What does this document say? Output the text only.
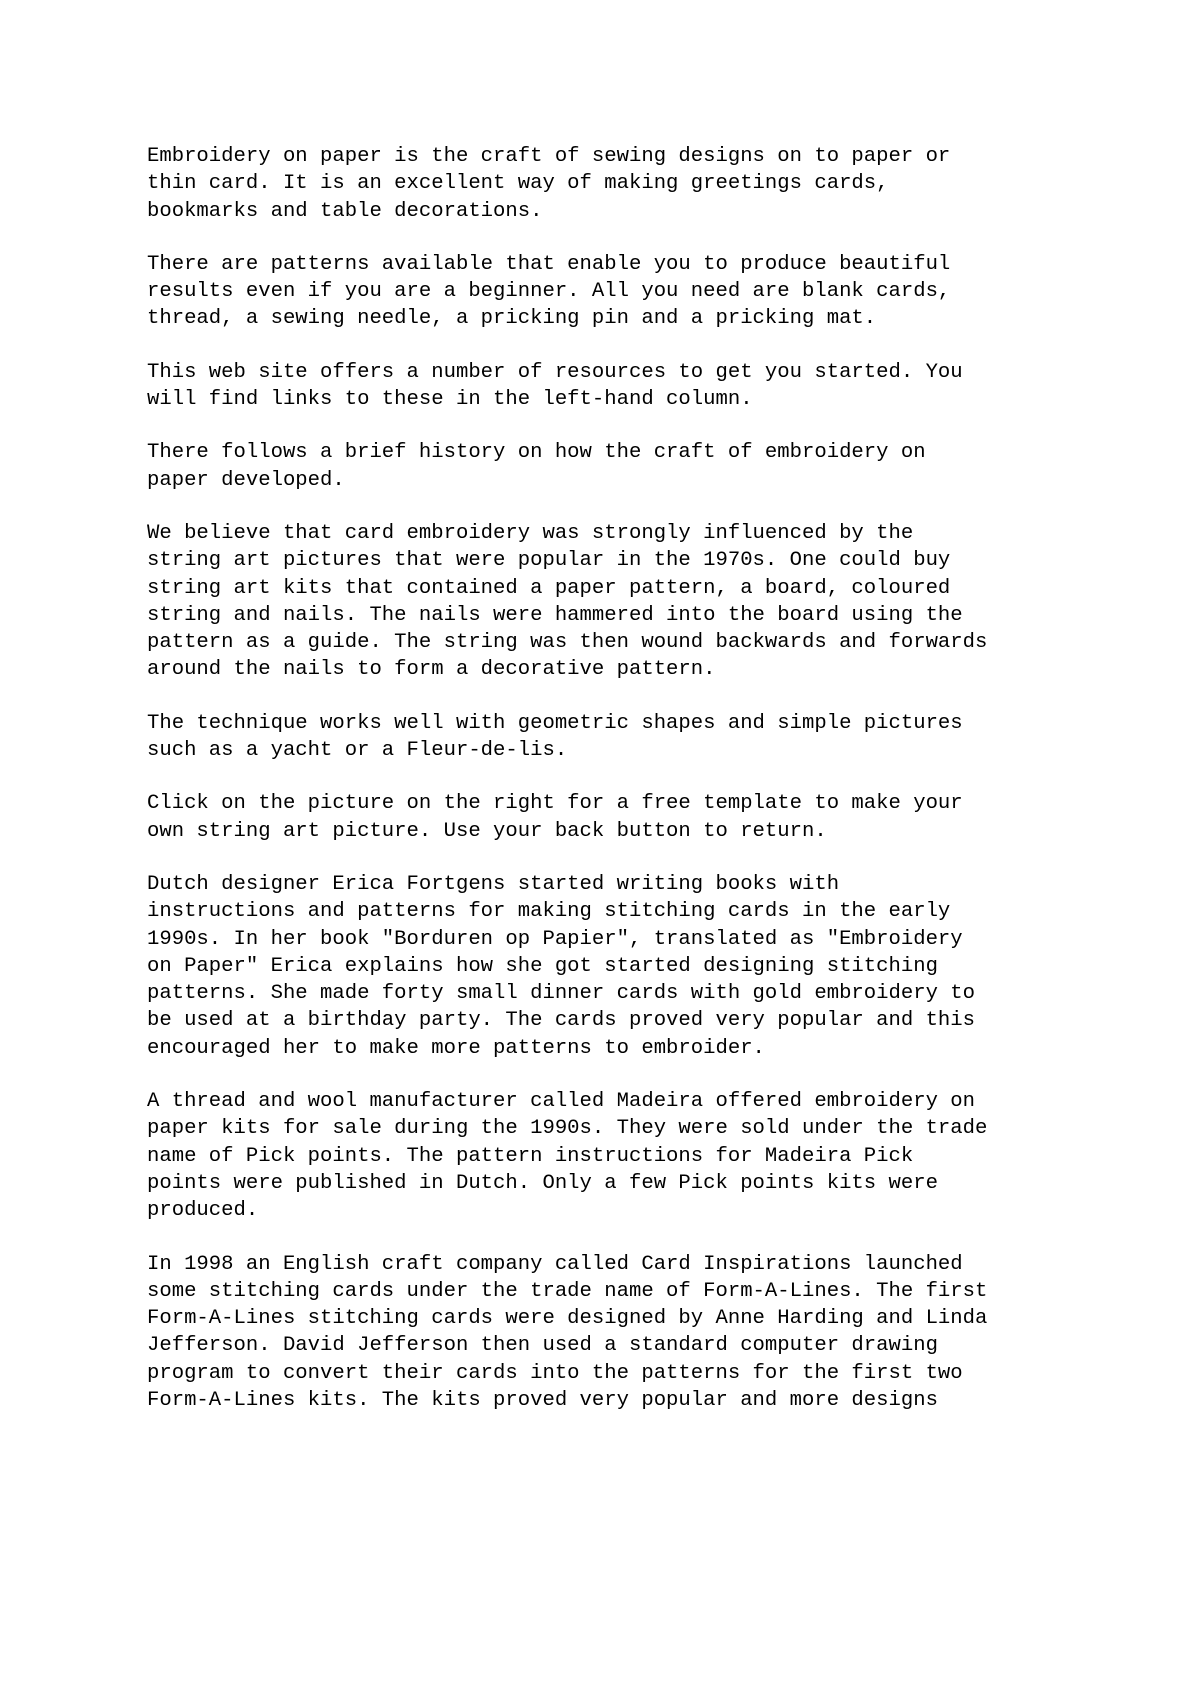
Embroidery on paper is the craft of sewing designs on to paper or
thin card. It is an excellent way of making greetings cards,
bookmarks and table decorations.

There are patterns available that enable you to produce beautiful
results even if you are a beginner. All you need are blank cards,
thread, a sewing needle, a pricking pin and a pricking mat.

This web site offers a number of resources to get you started. You
will find links to these in the left-hand column.

There follows a brief history on how the craft of embroidery on
paper developed.

We believe that card embroidery was strongly influenced by the
string art pictures that were popular in the 1970s. One could buy
string art kits that contained a paper pattern, a board, coloured
string and nails. The nails were hammered into the board using the
pattern as a guide. The string was then wound backwards and forwards
around the nails to form a decorative pattern.

The technique works well with geometric shapes and simple pictures
such as a yacht or a Fleur-de-lis.

Click on the picture on the right for a free template to make your
own string art picture. Use your back button to return.

Dutch designer Erica Fortgens started writing books with
instructions and patterns for making stitching cards in the early
1990s. In her book "Borduren op Papier", translated as "Embroidery
on Paper" Erica explains how she got started designing stitching
patterns. She made forty small dinner cards with gold embroidery to
be used at a birthday party. The cards proved very popular and this
encouraged her to make more patterns to embroider.

A thread and wool manufacturer called Madeira offered embroidery on
paper kits for sale during the 1990s. They were sold under the trade
name of Pick points. The pattern instructions for Madeira Pick
points were published in Dutch. Only a few Pick points kits were
produced.

In 1998 an English craft company called Card Inspirations launched
some stitching cards under the trade name of Form-A-Lines. The first
Form-A-Lines stitching cards were designed by Anne Harding and Linda
Jefferson. David Jefferson then used a standard computer drawing
program to convert their cards into the patterns for the first two
Form-A-Lines kits. The kits proved very popular and more designs
